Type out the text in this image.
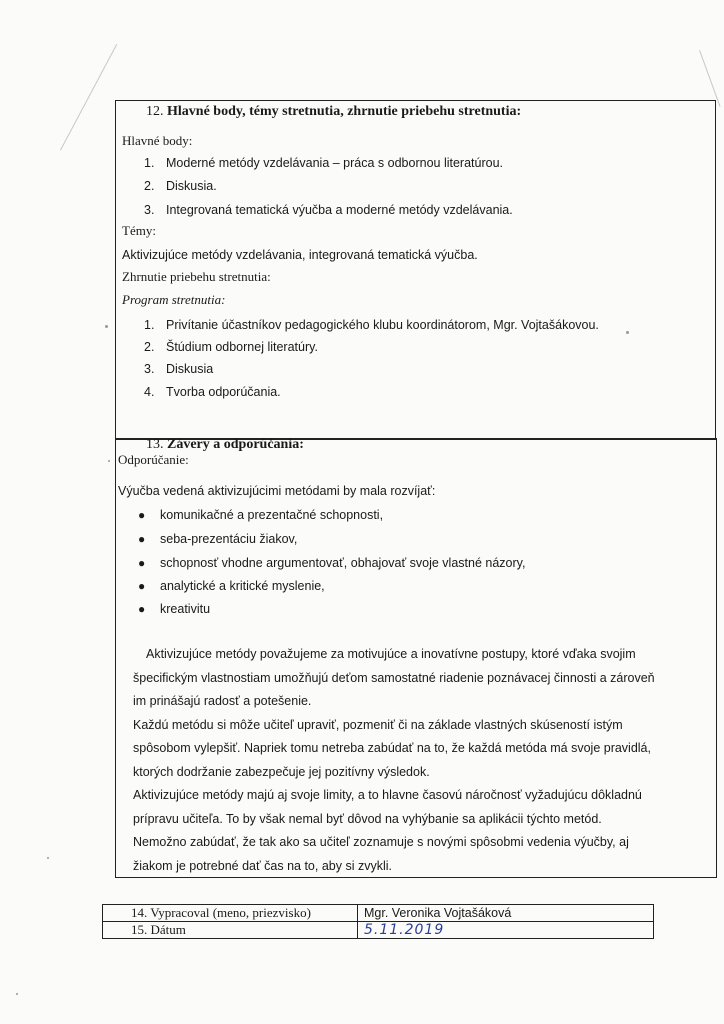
12. Hlavné body, témy stretnutia, zhrnutie priebehu stretnutia:
Hlavné body:
1. Moderné metódy vzdelávania – práca s odbornou literatúrou.
2. Diskusia.
3. Integrovaná tematická výučba a moderné metódy vzdelávania.
Témy:
Aktivizujúce metódy vzdelávania, integrovaná tematická výučba.
Zhrnutie priebehu stretnutia:
Program stretnutia:
1. Privítanie účastníkov pedagogického klubu koordinátorom, Mgr. Vojtašákovou.
2. Štúdium odbornej literatúry.
3. Diskusia
4. Tvorba odporúčania.
13. Závery a odporúčania:
Odporúčanie:
Výučba vedená aktivizujúcimi metódami by mala rozvíjať:
● komunikačné a prezentačné schopnosti,
● seba-prezentáciu žiakov,
● schopnosť vhodne argumentovať, obhajovať svoje vlastné názory,
● analytické a kritické myslenie,
● kreativitu
Aktivizujúce metódy považujeme za motivujúce a inovatívne postupy, ktoré vďaka svojim
špecifickým vlastnostiam umožňujú deťom samostatné riadenie poznávacej činnosti a zároveň
im prinášajú radosť a potešenie.
Každú metódu si môže učiteľ upraviť, pozmeniť či na základe vlastných skúseností istým
spôsobom vylepšiť. Napriek tomu netreba zabúdať na to, že každá metóda má svoje pravidlá,
ktorých dodržanie zabezpečuje jej pozitívny výsledok.
Aktivizujúce metódy majú aj svoje limity, a to hlavne časovú náročnosť vyžadujúcu dôkladnú
prípravu učiteľa. To by však nemal byť dôvod na vyhýbanie sa aplikácii týchto metód.
Nemožno zabúdať, že tak ako sa učiteľ zoznamuje s novými spôsobmi vedenia výučby, aj
žiakom je potrebné dať čas na to, aby si zvykli.
14. Vypracoval (meno, priezvisko)	Mgr. Veronika Vojtašáková
15. Dátum	5.11.2019
